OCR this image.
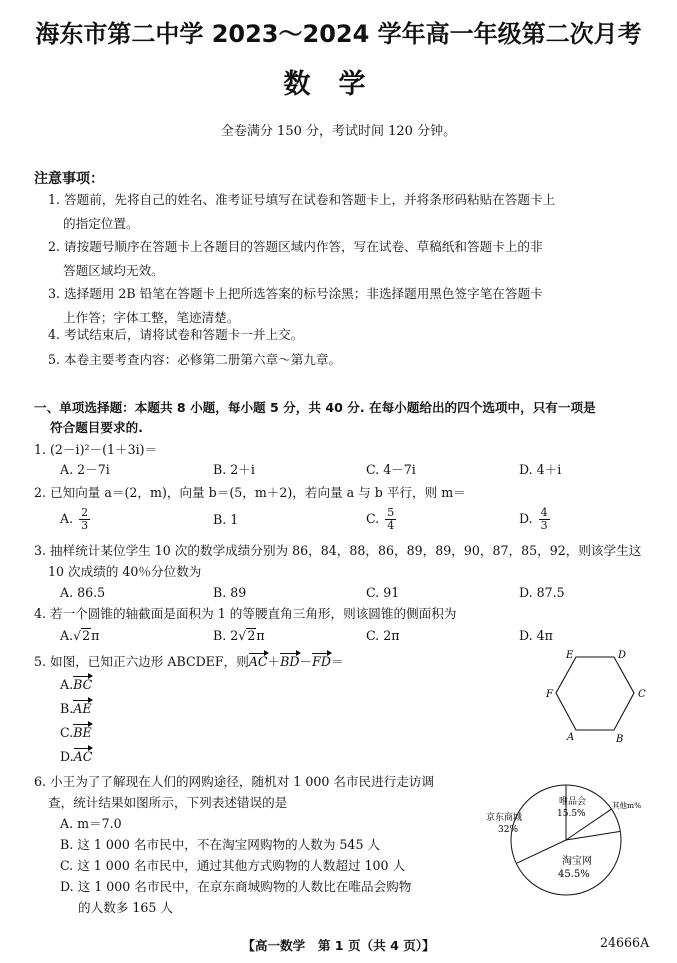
海东市第二中学 2023～2024 学年高一年级第二次月考
数学
全卷满分 150 分，考试时间 120 分钟。
注意事项：
1. 答题前，先将自己的姓名、准考证号填写在试卷和答题卡上，并将条形码粘贴在答题卡上
的指定位置。
2. 请按题号顺序在答题卡上各题目的答题区域内作答，写在试卷、草稿纸和答题卡上的非
答题区域均无效。
3. 选择题用 2B 铅笔在答题卡上把所选答案的标号涂黑；非选择题用黑色签字笔在答题卡
上作答；字体工整，笔迹清楚。
4. 考试结束后，请将试卷和答题卡一并上交。
5. 本卷主要考查内容：必修第二册第六章～第九章。
一、单项选择题：本题共 8 小题，每小题 5 分，共 40 分. 在每小题给出的四个选项中，只有一项是
符合题目要求的.
1. (2－i)²－(1＋3i)＝
A. 2－7i	B. 2＋i	C. 4－7i	D. 4＋i
2. 已知向量 a＝(2，m)，向量 b＝(5，m＋2)，若向量 a 与 b 平行，则 m＝
A. $\frac{2}{3}$	B. 1	C. $\frac{5}{4}$	D. $\frac{4}{3}$
3. 抽样统计某位学生 10 次的数学成绩分别为 86，84，88，86，89，89，90，87，85，92，则该学生这
10 次成绩的 40％分位数为
A. 86.5	B. 89	C. 91	D. 87.5
4. 若一个圆锥的轴截面是面积为 1 的等腰直角三角形，则该圆锥的侧面积为
A.√2π	B. 2√2π	C. 2π	D. 4π
5. 如图，已知正六边形 ABCDEF，则AC＋BD－FD＝
A.BC
B.AE
C.BE
D.AC
E	D
C
F
A	B
6. 小王为了了解现在人们的网购途径，随机对 1 000 名市民进行走访调
查，统计结果如图所示，下列表述错误的是
A. m＝7.0
B. 这 1 000 名市民中，不在淘宝网购物的人数为 545 人
C. 这 1 000 名市民中，通过其他方式购物的人数超过 100 人
D. 这 1 000 名市民中，在京东商城购物的人数比在唯品会购物
的人数多 165 人
唯品会
15.5%
其他m%
京东商城
32%
淘宝网
45.5%
【高一数学　第 1 页（共 4 页）】	24666A
